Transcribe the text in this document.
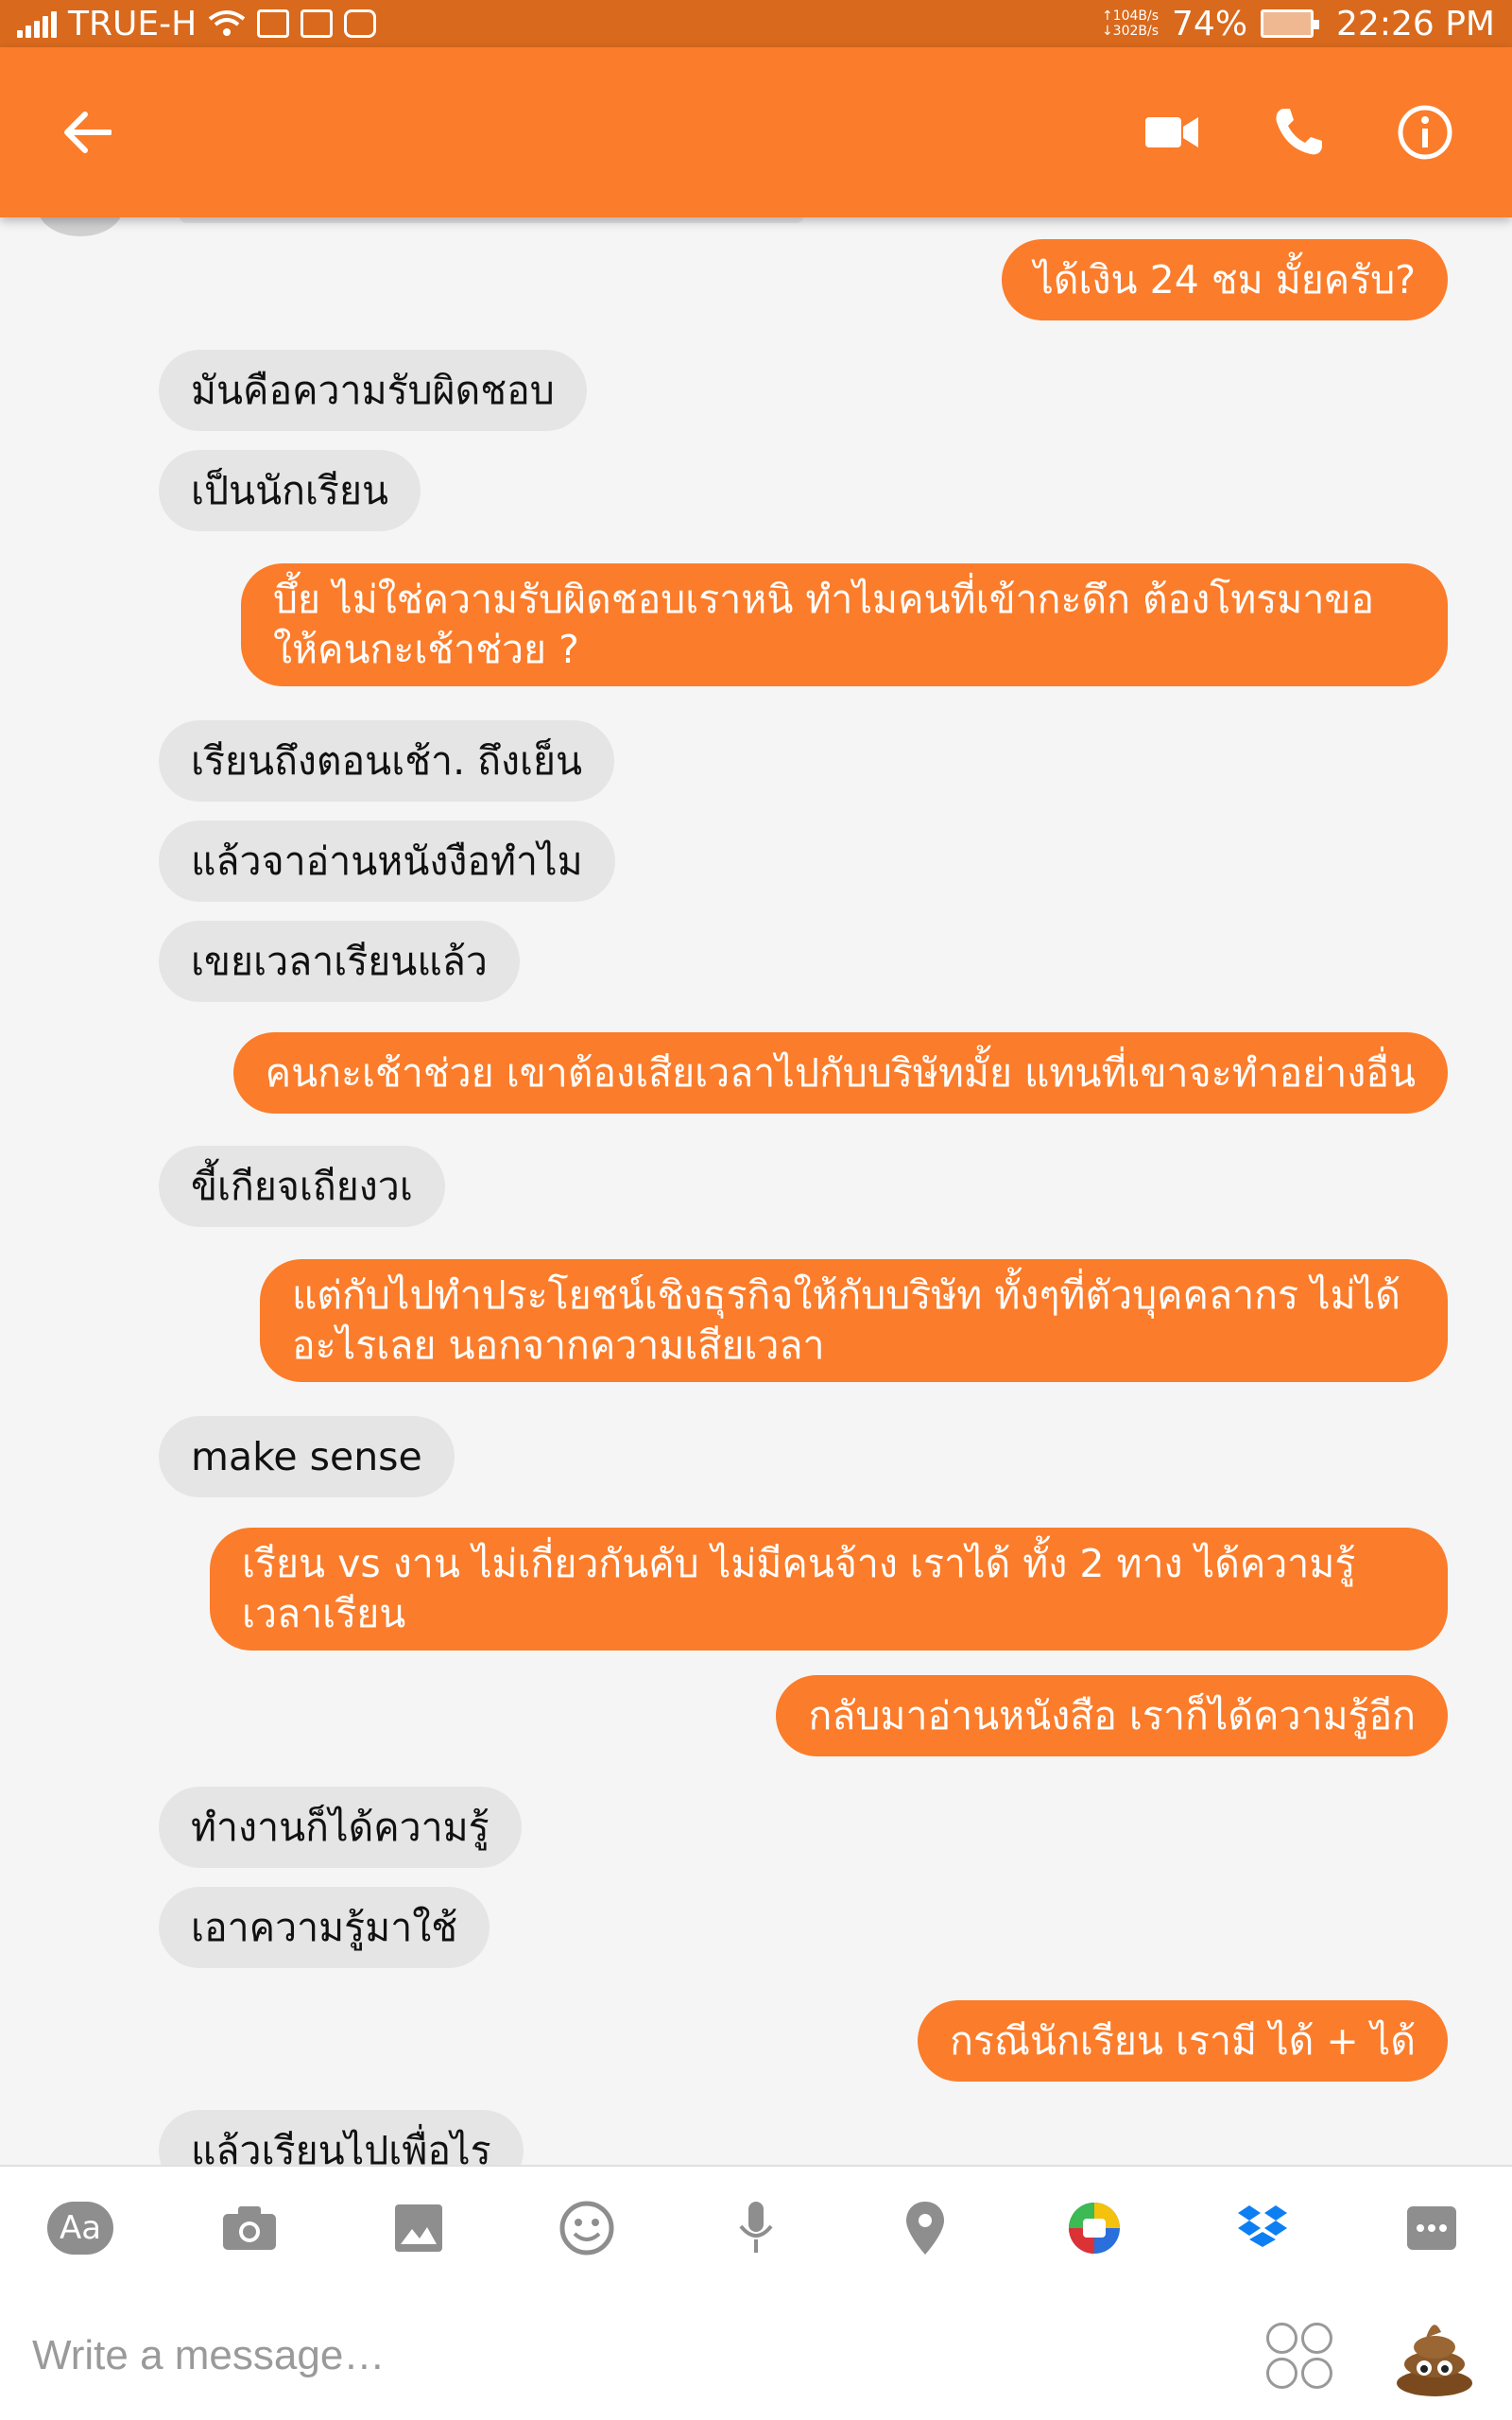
TRUE-H	↑104B/s
↓302B/s 74%	22:26 PM
ได้เงิน 24 ชม มั้ยครับ?
มันคือความรับผิดชอบ
เป็นนักเรียน
บึ้ย ไม่ใช่ความรับผิดชอบเราหนิ ทำไมคนที่เข้ากะดึก ต้องโทรมาขอให้คนกะเช้าช่วย ?
เรียนถึงตอนเช้า. ถึงเย็น
แล้วจาอ่านหนังงือทำไม
เขยเวลาเรียนแล้ว
คนกะเช้าช่วย เขาต้องเสียเวลาไปกับบริษัทมั้ย แทนที่เขาจะทำอย่างอื่น
ขี้เกียจเถียงวเ
แต่กับไปทำประโยชน์เชิงธุรกิจให้กับบริษัท ทั้งๆที่ตัวบุคคลากร ไม่ได้อะไรเลย นอกจากความเสียเวลา
make sense
เรียน vs งาน ไม่เกี่ยวกันคับ ไม่มีคนจ้าง เราได้ ทั้ง 2 ทาง ได้ความรู้เวลาเรียน
กลับมาอ่านหนังสือ เราก็ได้ความรู้อีก
ทำงานก็ได้ความรู้
เอาความรู้มาใช้
กรณีนักเรียน เรามี ได้ + ได้
แล้วเรียนไปเพื่อไร
Aa
Write a message…
